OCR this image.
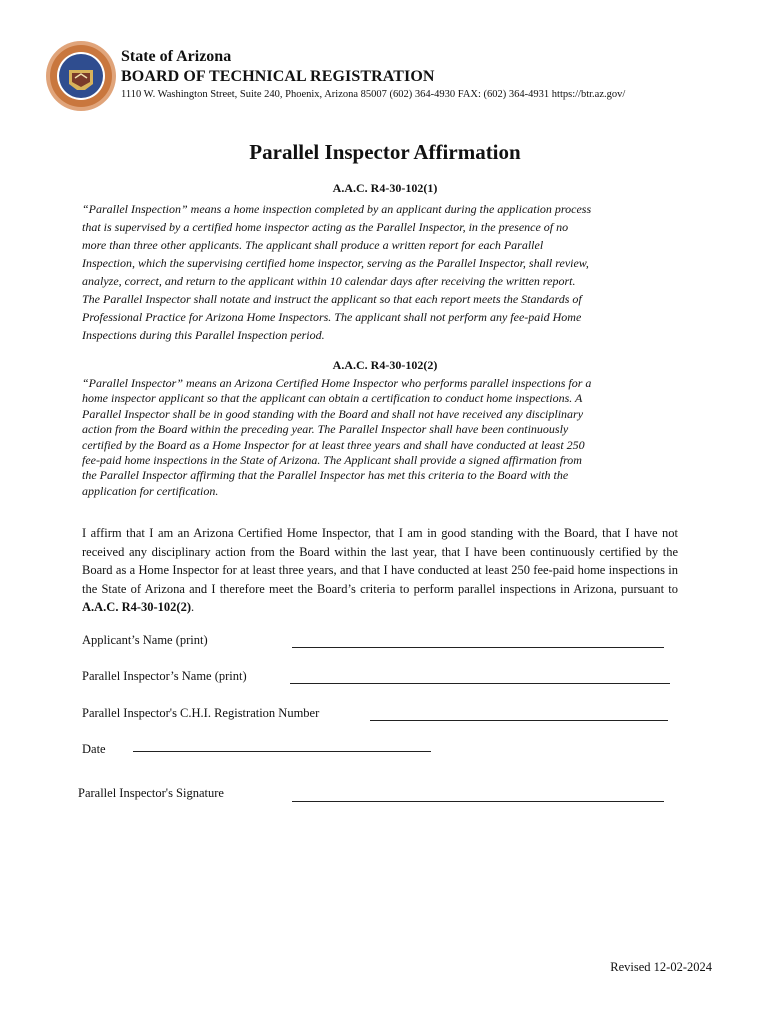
State of Arizona
BOARD OF TECHNICAL REGISTRATION
1110 W. Washington Street, Suite 240, Phoenix, Arizona 85007 (602) 364-4930 FAX: (602) 364-4931 https://btr.az.gov/
Parallel Inspector Affirmation
A.A.C. R4-30-102(1)
“Parallel Inspection” means a home inspection completed by an applicant during the application process
that is supervised by a certified home inspector acting as the Parallel Inspector, in the presence of no
more than three other applicants. The applicant shall produce a written report for each Parallel
Inspection, which the supervising certified home inspector, serving as the Parallel Inspector, shall review,
analyze, correct, and return to the applicant within 10 calendar days after receiving the written report.
The Parallel Inspector shall notate and instruct the applicant so that each report meets the Standards of
Professional Practice for Arizona Home Inspectors. The applicant shall not perform any fee-paid Home
Inspections during this Parallel Inspection period.
A.A.C. R4-30-102(2)
“Parallel Inspector” means an Arizona Certified Home Inspector who performs parallel inspections for a
home inspector applicant so that the applicant can obtain a certification to conduct home inspections. A
Parallel Inspector shall be in good standing with the Board and shall not have received any disciplinary
action from the Board within the preceding year. The Parallel Inspector shall have been continuously
certified by the Board as a Home Inspector for at least three years and shall have conducted at least 250
fee-paid home inspections in the State of Arizona. The Applicant shall provide a signed affirmation from
the Parallel Inspector affirming that the Parallel Inspector has met this criteria to the Board with the
application for certification.
I affirm that I am an Arizona Certified Home Inspector, that I am in good standing with the Board, that I have not received any disciplinary action from the Board within the last year, that I have been continuously certified by the Board as a Home Inspector for at least three years, and that I have conducted at least 250 fee-paid home inspections in the State of Arizona and I therefore meet the Board’s criteria to perform parallel inspections in Arizona, pursuant to A.A.C. R4-30-102(2).
Applicant’s Name (print)
Parallel Inspector’s Name (print)
Parallel Inspector's C.H.I. Registration Number
Date
Parallel Inspector's Signature
Revised 12-02-2024
